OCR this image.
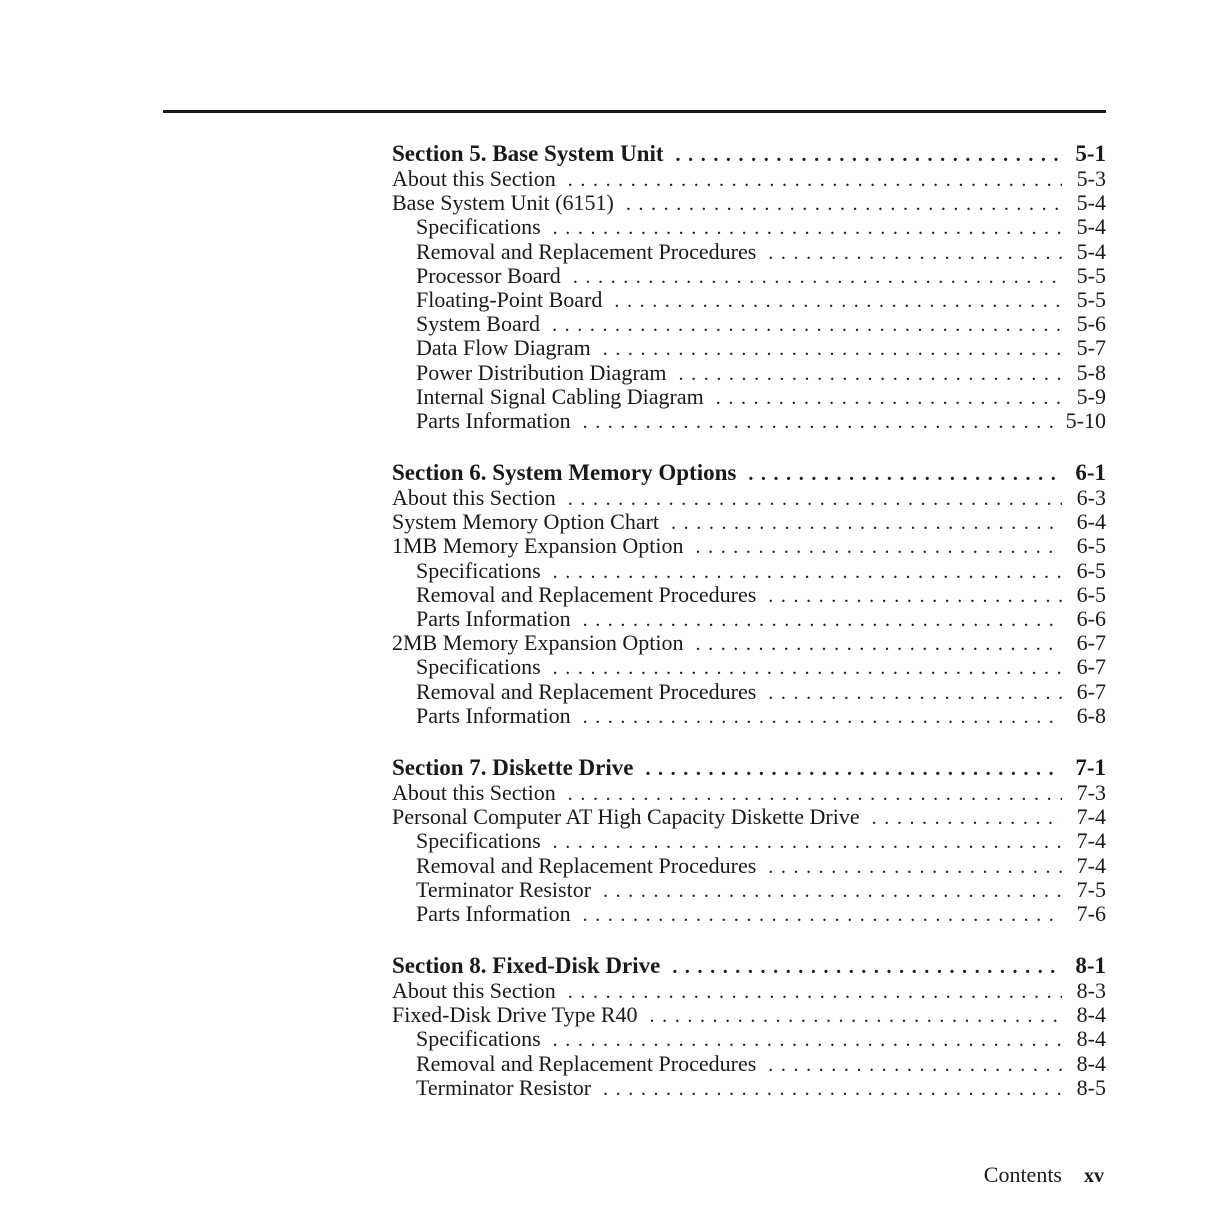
Section 5. Base System Unit . . .	5-1
About this Section . . .	5-3
Base System Unit (6151) . . .	5-4
Specifications . . .	5-4
Removal and Replacement Procedures . . .	5-4
Processor Board . . .	5-5
Floating-Point Board . . .	5-5
System Board . . .	5-6
Data Flow Diagram . . .	5-7
Power Distribution Diagram . . .	5-8
Internal Signal Cabling Diagram . . .	5-9
Parts Information . . .	5-10
Section 6. System Memory Options . . .	6-1
About this Section . . .	6-3
System Memory Option Chart . . .	6-4
1MB Memory Expansion Option . . .	6-5
Specifications . . .	6-5
Removal and Replacement Procedures . . .	6-5
Parts Information . . .	6-6
2MB Memory Expansion Option . . .	6-7
Specifications . . .	6-7
Removal and Replacement Procedures . . .	6-7
Parts Information . . .	6-8
Section 7. Diskette Drive . . .	7-1
About this Section . . .	7-3
Personal Computer AT High Capacity Diskette Drive . . .	7-4
Specifications . . .	7-4
Removal and Replacement Procedures . . .	7-4
Terminator Resistor . . .	7-5
Parts Information . . .	7-6
Section 8. Fixed-Disk Drive . . .	8-1
About this Section . . .	8-3
Fixed-Disk Drive Type R40 . . .	8-4
Specifications . . .	8-4
Removal and Replacement Procedures . . .	8-4
Terminator Resistor . . .	8-5
Contents xv
